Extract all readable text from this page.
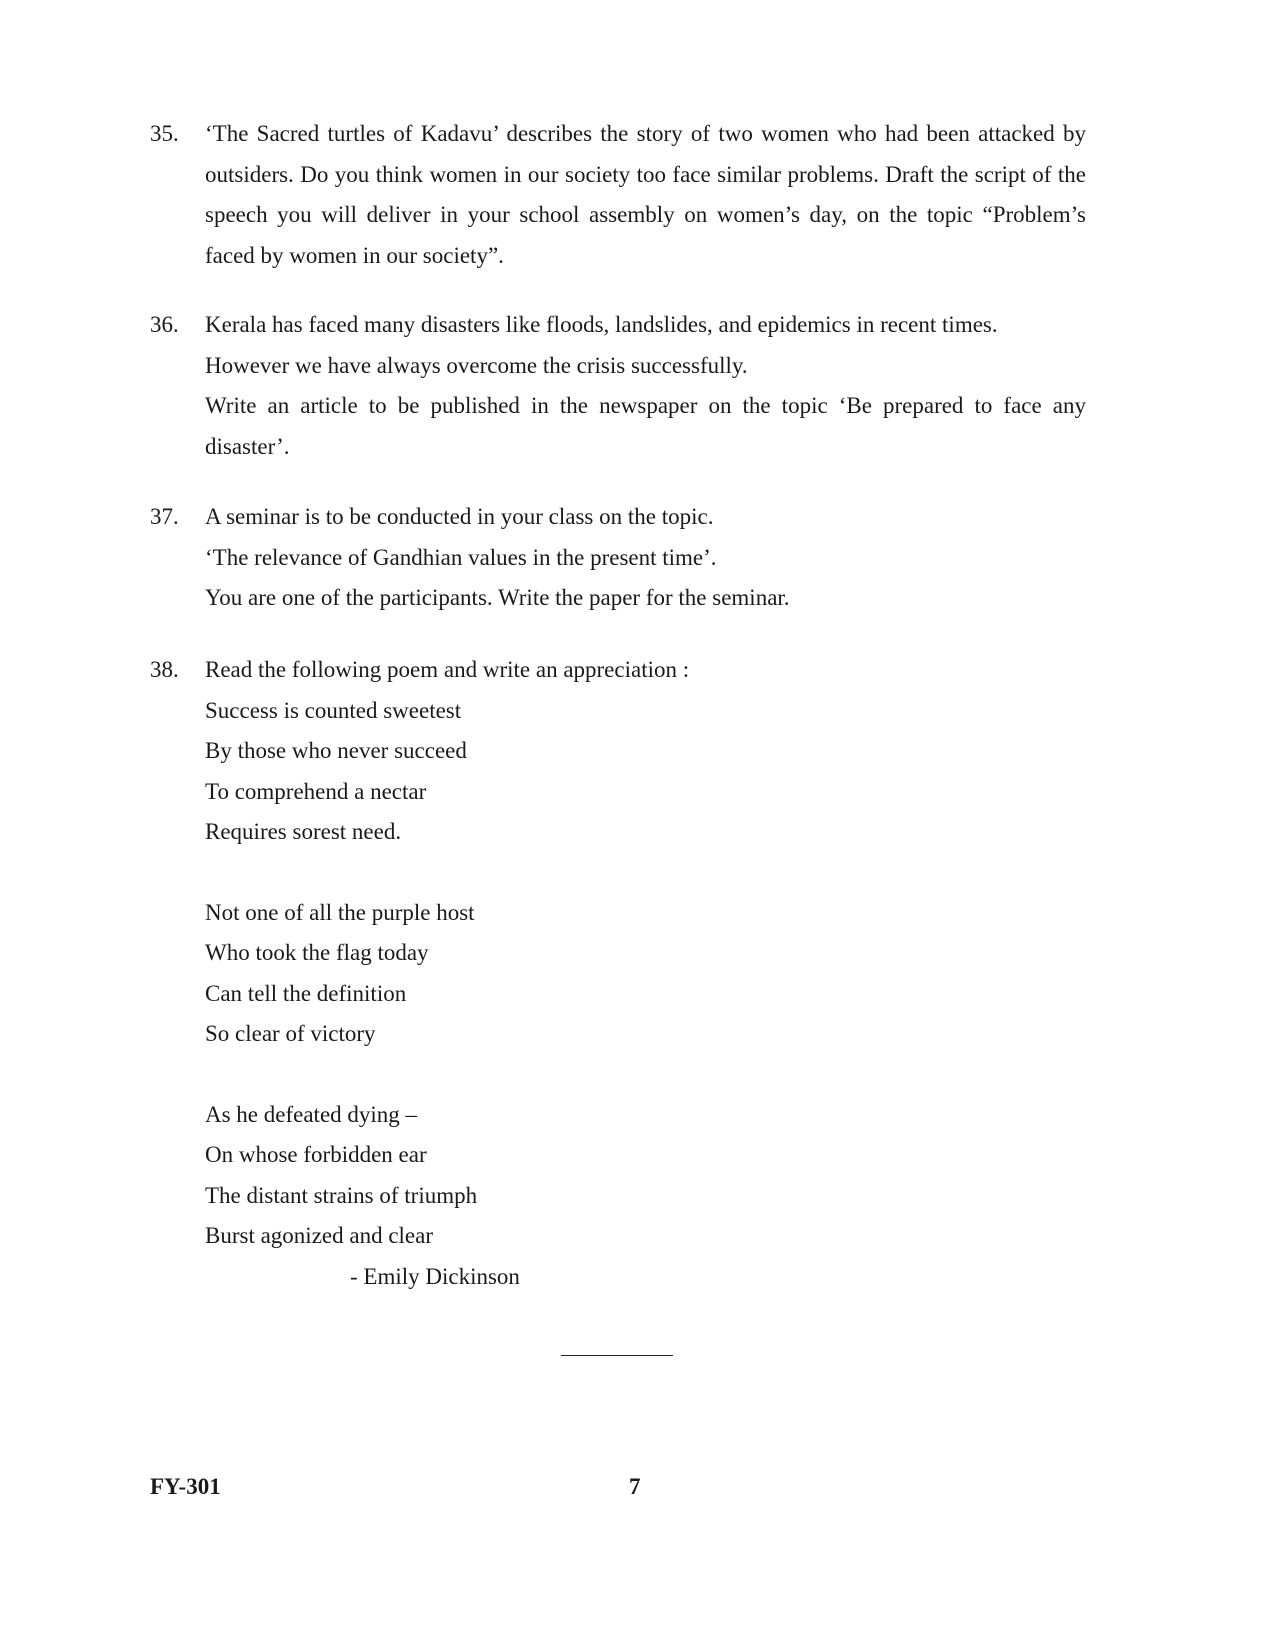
35.	‘The Sacred turtles of Kadavu’ describes the story of two women who had been attacked by outsiders. Do you think women in our society too face similar problems. Draft the script of the speech you will deliver in your school assembly on women’s day, on the topic “Problem’s faced by women in our society”.

36.	Kerala has faced many disasters like floods, landslides, and epidemics in recent times.

However we have always overcome the crisis successfully.

Write an article to be published in the newspaper on the topic ‘Be prepared to face any disaster’.

37.	A seminar is to be conducted in your class on the topic.

‘The relevance of Gandhian values in the present time’.

You are one of the participants. Write the paper for the seminar.

38.	Read the following poem and write an appreciation :

Success is counted sweetest
By those who never succeed
To comprehend a nectar
Requires sorest need.
Not one of all the purple host
Who took the flag today
Can tell the definition
So clear of victory
As he defeated dying –
On whose forbidden ear
The distant strains of triumph
Burst agonized and clear
- Emily Dickinson
FY-301	7
